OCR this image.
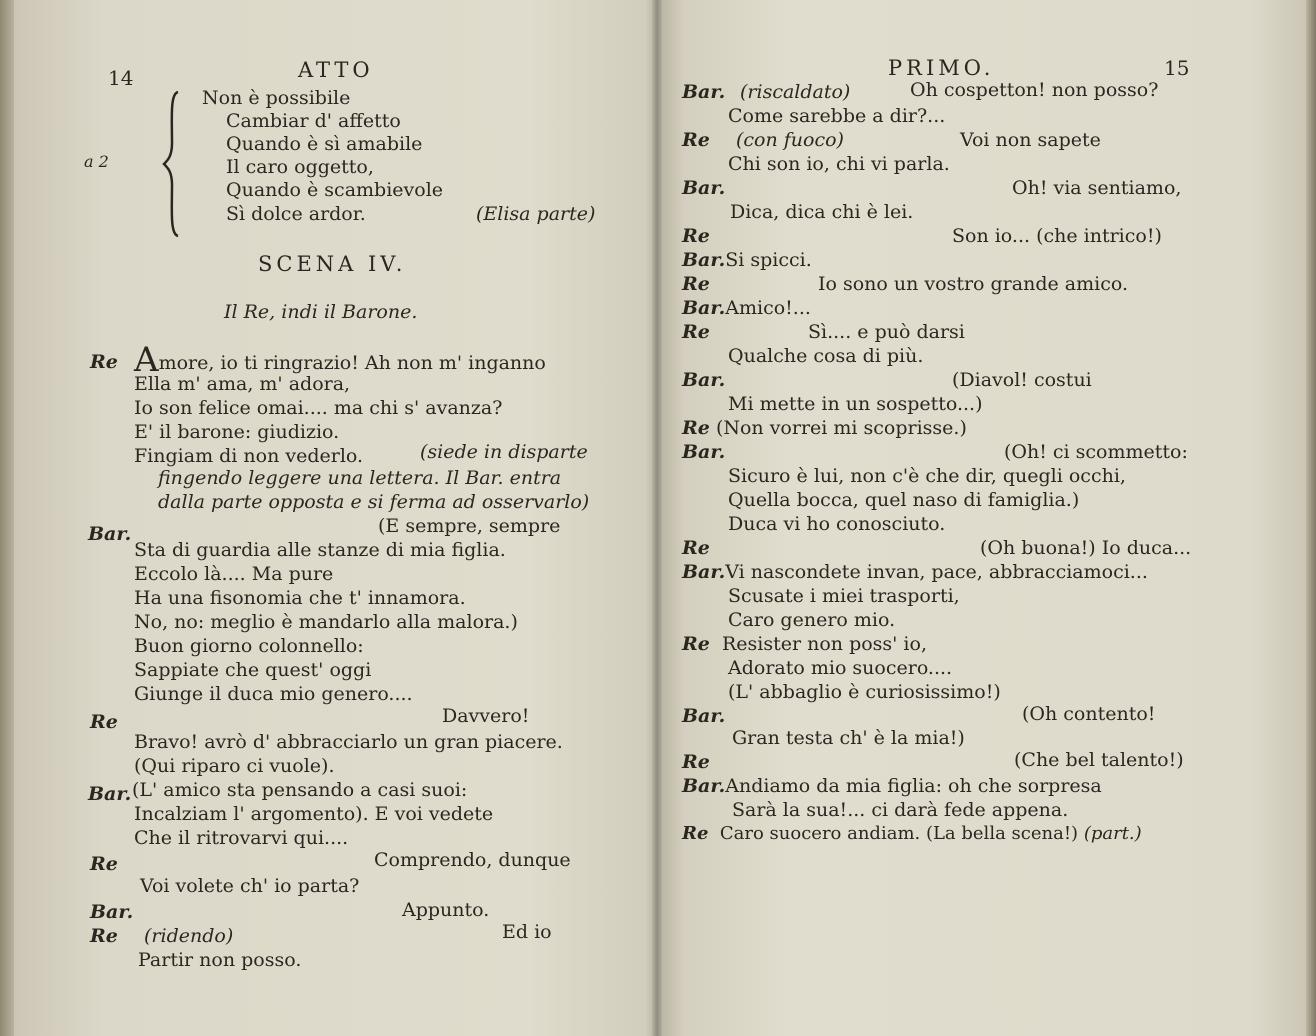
14	ATTO
a 2
Non è possibile
Cambiar d' affetto
Quando è sì amabile
Il caro oggetto,
Quando è scambievole
Sì dolce ardor.	(Elisa parte)
SCENA IV.
Il Re, indi il Barone.
Re
Bar.
Re
Bar.
Re
Bar.
Re
Amore, io ti ringrazio! Ah non m' inganno
Ella m' ama, m' adora,
Io son felice omai.... ma chi s' avanza?
E' il barone: giudizio.
Fingiam di non vederlo.	(siede in disparte
fingendo leggere una lettera. Il Bar. entra
dalla parte opposta e si ferma ad osservarlo)
(E sempre, sempre
Sta di guardia alle stanze di mia figlia.
Eccolo là.... Ma pure
Ha una fisonomia che t' innamora.
No, no: meglio è mandarlo alla malora.)
Buon giorno colonnello:
Sappiate che quest' oggi
Giunge il duca mio genero....
Davvero!
Bravo! avrò d' abbracciarlo un gran piacere.
(Qui riparo ci vuole).
(L' amico sta pensando a casi suoi:
Incalziam l' argomento). E voi vedete
Che il ritrovarvi qui....
Comprendo, dunque
Voi volete ch' io parta?
Appunto.
(ridendo)	Ed io
Partir non posso.
PRIMO.	15
Bar. (riscaldato)	Oh cospetton! non posso?
Come sarebbe a dir?...
Re (con fuoco)	Voi non sapete
Chi son io, chi vi parla.
Bar.	Oh! via sentiamo,
Dica, dica chi è lei.
Re	Son io... (che intrico!)
Bar.Si spicci.
Re	Io sono un vostro grande amico.
Bar.Amico!...
Re	Sì.... e può darsi
Qualche cosa di più.
Bar.	(Diavol! costui
Mi mette in un sospetto...)
Re (Non vorrei mi scoprisse.)
Bar.	(Oh! ci scommetto:
Sicuro è lui, non c'è che dir, quegli occhi,
Quella bocca, quel naso di famiglia.)
Duca vi ho conosciuto.
Re	(Oh buona!) Io duca...
Bar.Vi nascondete invan, pace, abbracciamoci...
Scusate i miei trasporti,
Caro genero mio.
Re Resister non poss' io,
Adorato mio suocero....
(L' abbaglio è curiosissimo!)
Bar.	(Oh contento!
Gran testa ch' è la mia!)
Re	(Che bel talento!)
Bar.Andiamo da mia figlia: oh che sorpresa
Sarà la sua!... ci darà fede appena.
Re Caro suocero andiam. (La bella scena!) (part.)
